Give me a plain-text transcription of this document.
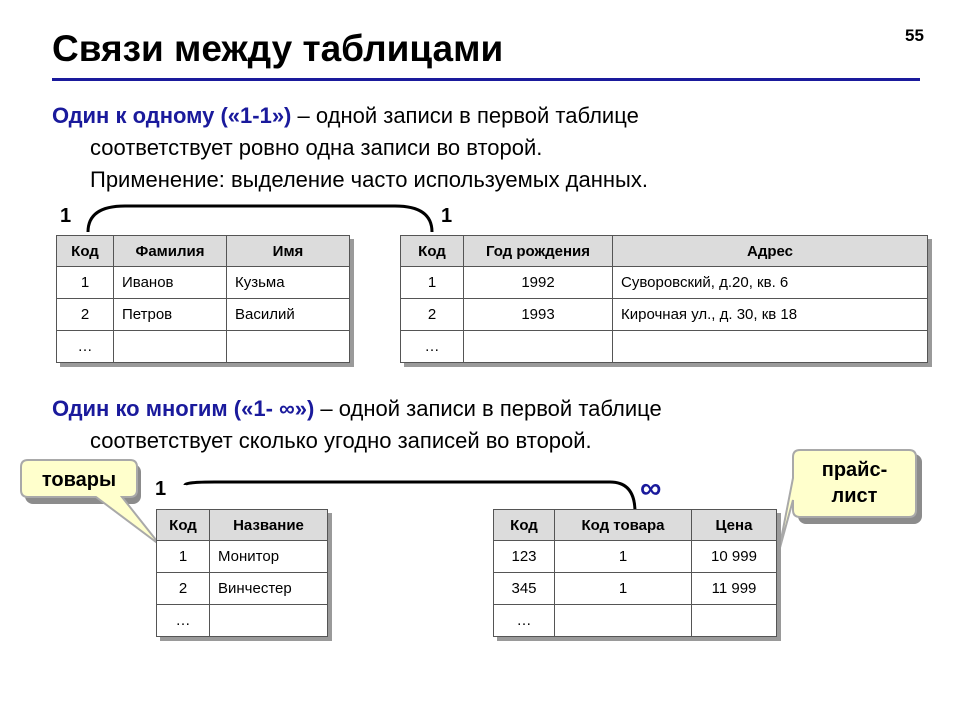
Связи между таблицами	55
Один к одному («1-1») – одной записи в первой таблице
соответствует ровно одна записи во второй.
Применение: выделение часто используемых данных.
1	1
Код	Фамилия	Имя
1	Иванов	Кузьма
2	Петров	Василий
…		
Код	Год рождения	Адрес
1	1992	Суворовский, д.20, кв. 6
2	1993	Кирочная ул., д. 30, кв 18
…		
Один ко многим («1- ∞») – одной записи в первой таблице
соответствует сколько угодно записей во второй.
1	∞
товары	прайс-
лист
Код	Название
1	Монитор
2	Винчестер
…	
Код	Код товара	Цена
123	1	10 999
345	1	11 999
…		
